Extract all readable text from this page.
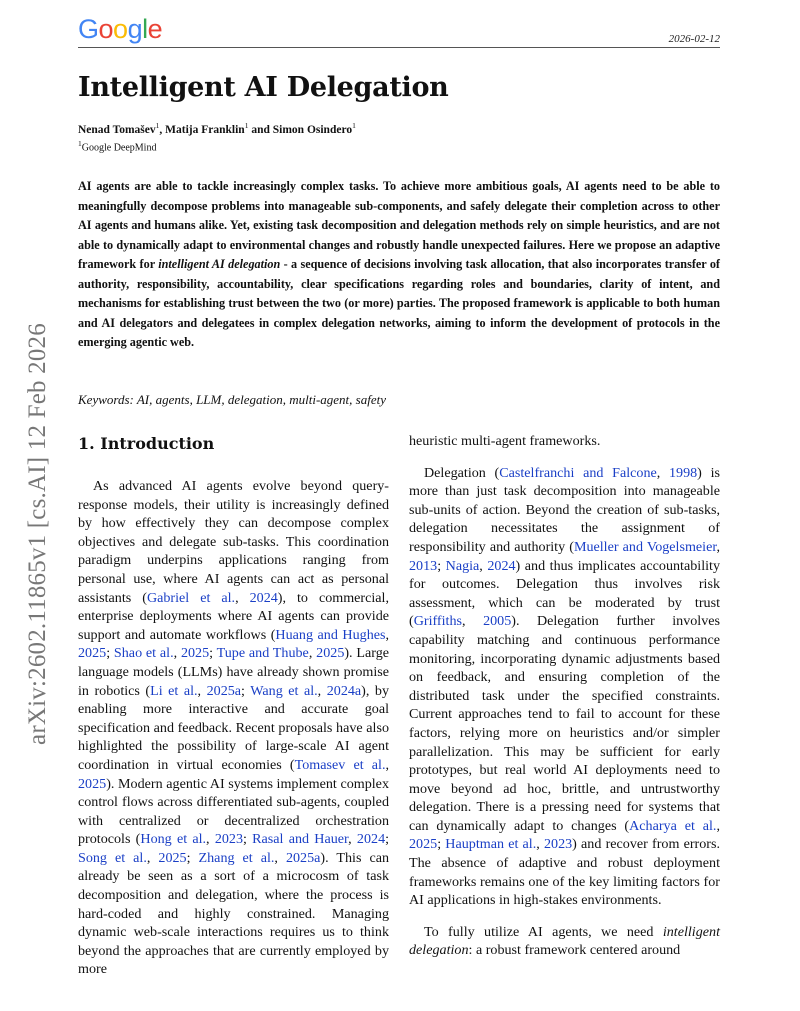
Google	2026-02-12
arXiv:2602.11865v1 [cs.AI] 12 Feb 2026
Intelligent AI Delegation

Nenad Tomašev$^1$, Matija Franklin$^1$ and Simon Osindero$^1$

$^1$Google DeepMind

AI agents are able to tackle increasingly complex tasks. To achieve more ambitious goals, AI agents need to be able to meaningfully decompose problems into manageable sub-components, and safely delegate their completion across to other AI agents and humans alike. Yet, existing task decomposition and delegation methods rely on simple heuristics, and are not able to dynamically adapt to environmental changes and robustly handle unexpected failures. Here we propose an adaptive framework for intelligent AI delegation - a sequence of decisions involving task allocation, that also incorporates transfer of authority, responsibility, accountability, clear specifications regarding roles and boundaries, clarity of intent, and mechanisms for establishing trust between the two (or more) parties. The proposed framework is applicable to both human and AI delegators and delegatees in complex delegation networks, aiming to inform the development of protocols in the emerging agentic web.

Keywords: AI, agents, LLM, delegation, multi-agent, safety

1. Introduction

As advanced AI agents evolve beyond query-response models, their utility is increasingly defined by how effectively they can decompose complex objectives and delegate sub-tasks. This coordination paradigm underpins applications ranging from personal use, where AI agents can act as personal assistants (Gabriel et al., 2024), to commercial, enterprise deployments where AI agents can provide support and automate workflows (Huang and Hughes, 2025; Shao et al., 2025; Tupe and Thube, 2025). Large language models (LLMs) have already shown promise in robotics (Li et al., 2025a; Wang et al., 2024a), by enabling more interactive and accurate goal specification and feedback. Recent proposals have also highlighted the possibility of large-scale AI agent coordination in virtual economies (Tomasev et al., 2025). Modern agentic AI systems implement complex control flows across differentiated sub-agents, coupled with centralized or decentralized orchestration protocols (Hong et al., 2023; Rasal and Hauer, 2024; Song et al., 2025; Zhang et al., 2025a). This can already be seen as a sort of a microcosm of task decomposition and delegation, where the process is hard-coded and highly constrained. Managing dynamic web-scale interactions requires us to think beyond the approaches that are currently employed by more

heuristic multi-agent frameworks.

Delegation (Castelfranchi and Falcone, 1998) is more than just task decomposition into manageable sub-units of action. Beyond the creation of sub-tasks, delegation necessitates the assignment of responsibility and authority (Mueller and Vogelsmeier, 2013; Nagia, 2024) and thus implicates accountability for outcomes. Delegation thus involves risk assessment, which can be moderated by trust (Griffiths, 2005). Delegation further involves capability matching and continuous performance monitoring, incorporating dynamic adjustments based on feedback, and ensuring completion of the distributed task under the specified constraints. Current approaches tend to fail to account for these factors, relying more on heuristics and/or simpler parallelization. This may be sufficient for early prototypes, but real world AI deployments need to move beyond ad hoc, brittle, and untrustworthy delegation. There is a pressing need for systems that can dynamically adapt to changes (Acharya et al., 2025; Hauptman et al., 2023) and recover from errors. The absence of adaptive and robust deployment frameworks remains one of the key limiting factors for AI applications in high-stakes environments.

To fully utilize AI agents, we need intelligent delegation: a robust framework centered around
